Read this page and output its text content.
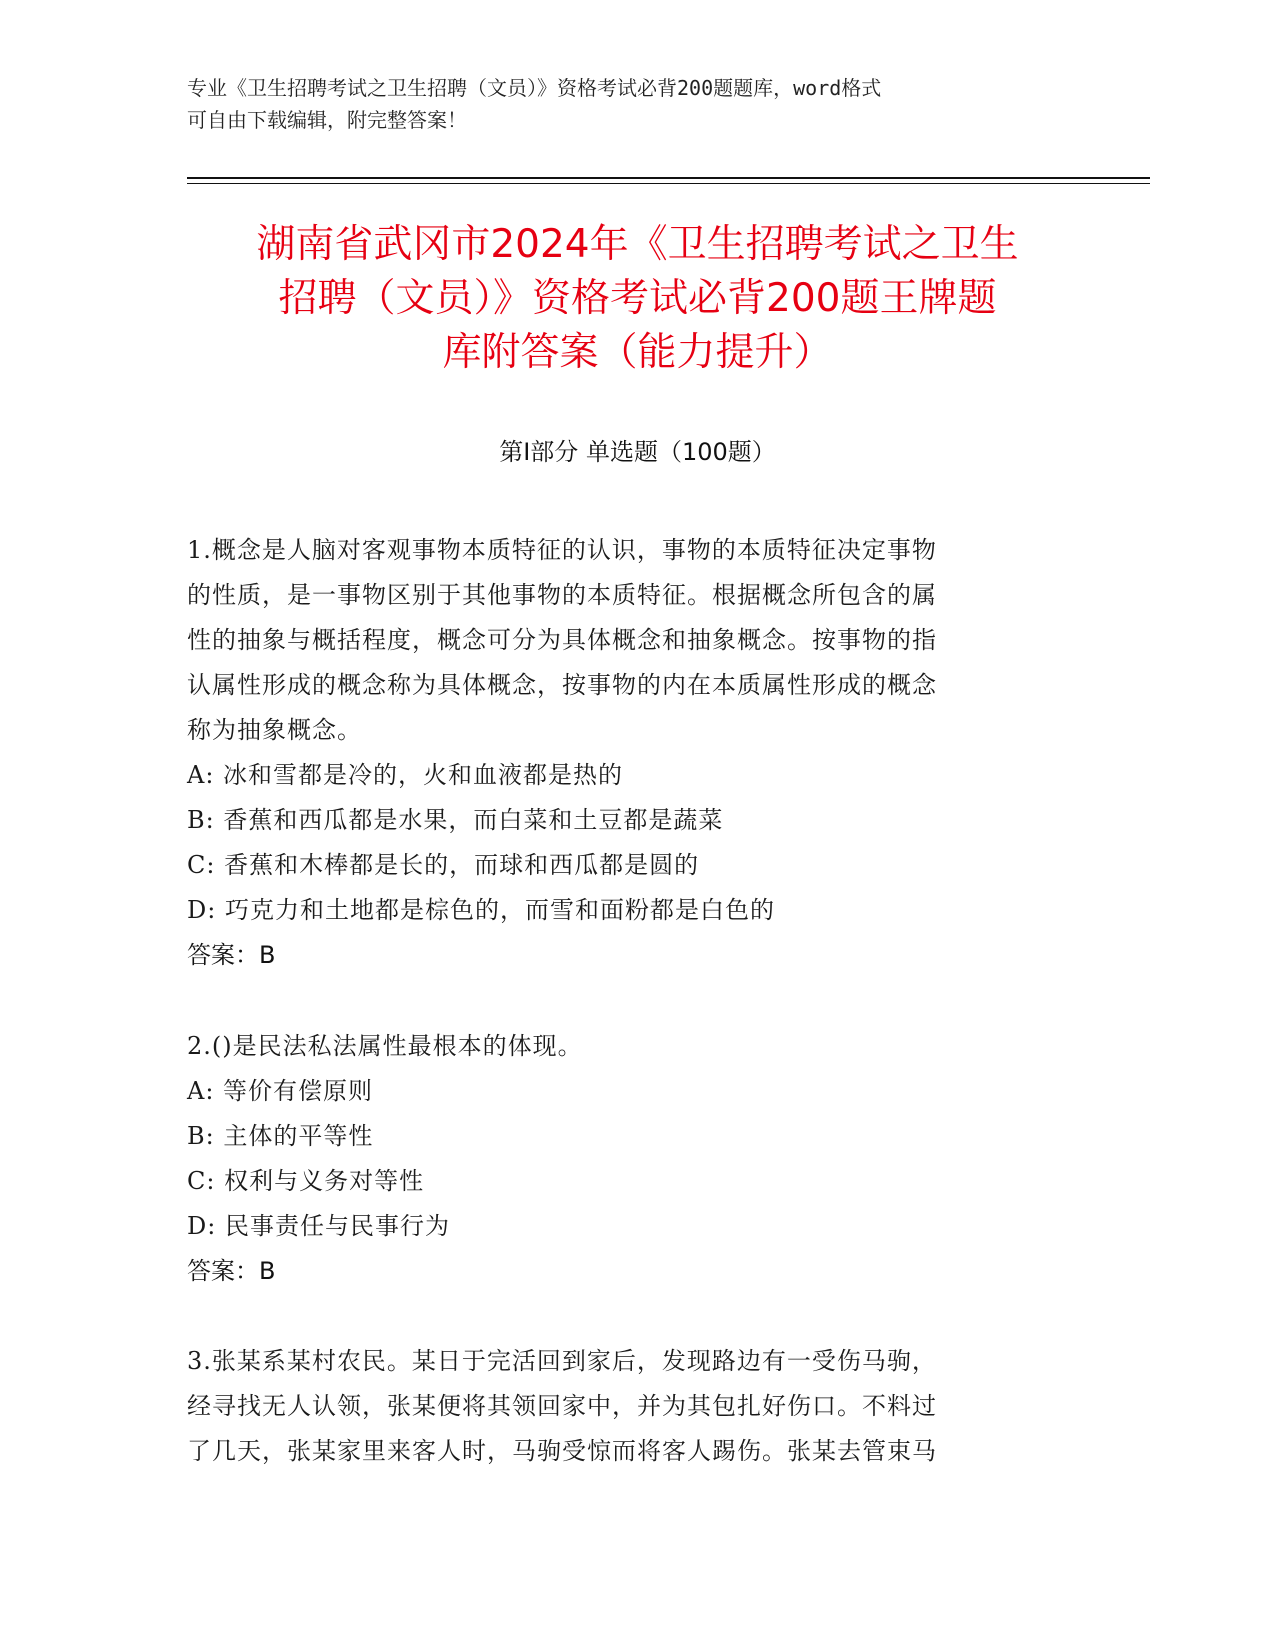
专业《卫生招聘考试之卫生招聘（文员）》资格考试必背200题题库，word格式
可自由下载编辑，附完整答案！
湖南省武冈市2024年《卫生招聘考试之卫生
招聘（文员）》资格考试必背200题王牌题
库附答案（能力提升）
第Ⅰ部分 单选题（100题）
1.概念是人脑对客观事物本质特征的认识，事物的本质特征决定事物
的性质，是一事物区别于其他事物的本质特征。根据概念所包含的属
性的抽象与概括程度，概念可分为具体概念和抽象概念。按事物的指
认属性形成的概念称为具体概念，按事物的内在本质属性形成的概念
称为抽象概念。
A: 冰和雪都是冷的，火和血液都是热的
B: 香蕉和西瓜都是水果，而白菜和土豆都是蔬菜
C: 香蕉和木棒都是长的，而球和西瓜都是圆的
D: 巧克力和土地都是棕色的，而雪和面粉都是白色的
答案：B
2.()是民法私法属性最根本的体现。
A: 等价有偿原则
B: 主体的平等性
C: 权利与义务对等性
D: 民事责任与民事行为
答案：B
3.张某系某村农民。某日于完活回到家后，发现路边有一受伤马驹，
经寻找无人认领，张某便将其领回家中，并为其包扎好伤口。不料过
了几天，张某家里来客人时，马驹受惊而将客人踢伤。张某去管束马
